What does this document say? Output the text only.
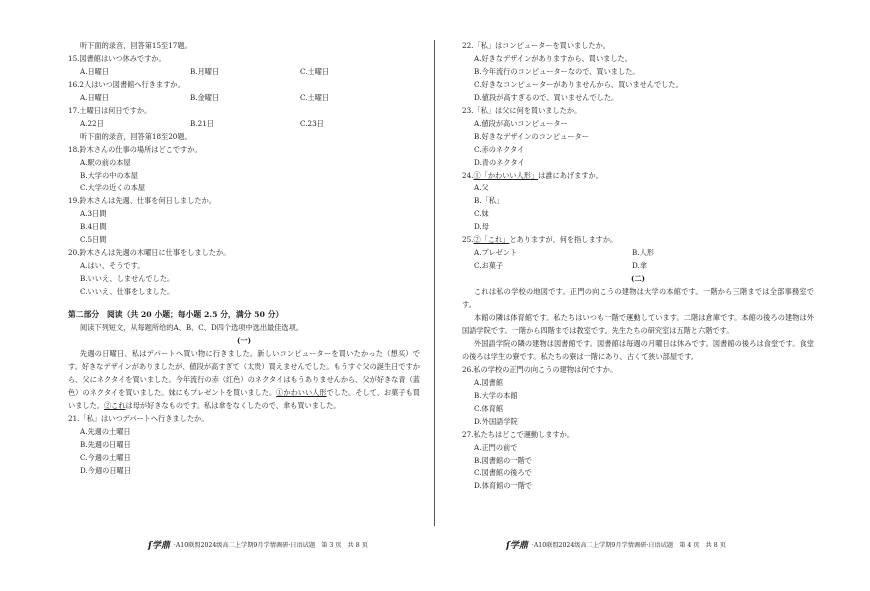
听下面的录音，回答第15至17题。
15.図書館はいつ休みですか。
A.日曜日	B.月曜日	C.土曜日
16.2人はいつ図書館へ行きますか。
A.日曜日	B.金曜日	C.土曜日
17.土曜日は何日ですか。
A.22日	B.21日	C.23日
听下面的录音，回答第18至20题。
18.鈴木さんの仕事の場所はどこですか。
A.駅の前の本屋
B.大学の中の本屋
C.大学の近くの本屋
19.鈴木さんは先週、仕事を何日しましたか。
A.3日間
B.4日間
C.5日間
20.鈴木さんは先週の木曜日に仕事をしましたか。
A.はい、そうです。
B.いいえ、しませんでした。
C.いいえ、仕事をしました。
第二部分　阅读（共 20 小题；每小题 2.5 分，满分 50 分）
阅读下列短文，从每题所给的A、B、C、D四个选项中选出最佳选项。
(一)
先週の日曜日、私はデパートへ買い物に行きました。新しいコンピューターを買いたかった（想买）です。好きなデザインがありましたが、値段が高すぎて（太贵）買えませんでした。もうすぐ父の誕生日ですから、父にネクタイを買いました。今年流行の赤（红色）のネクタイはもうありませんから、父が好きな青（蓝色）のネクタイを買いました。妹にもプレゼントを買いました。①かわいい人形でした。そして、お菓子も買いました。②これは母が好きなものです。私は傘をなくしたので、傘も買いました。
21.「私」はいつデパートへ行きましたか。
A.先週の土曜日
B.先週の日曜日
C.今週の土曜日
D.今週の日曜日
22.「私」はコンピューターを買いましたか。
A.好きなデザインがありますから、買いました。
B.今年流行のコンピューターなので、買いました。
C.好きなコンピューターがありませんから、買いませんでした。
D.値段が高すぎるので、買いませんでした。
23.「私」は父に何を買いましたか。
A.値段が高いコンピューター
B.好きなデザインのコンピューター
C.赤のネクタイ
D.青のネクタイ
24.①「かわいい人形」は誰にあげますか。
A.父
B.「私」
C.妹
D.母
25.②「これ」とありますが、何を指しますか。
A.プレゼント	B.人形
C.お菓子	D.傘
(二)
これは私の学校の地図です。正門の向こうの建物は大学の本館です。一階から三階までは全部事務室です。
本館の隣は体育館です。私たちはいつも一階で運動しています。二階は倉庫です。本館の後ろの建物は外国語学院です。一階から四階までは教室です。先生たちの研究室は五階と六階です。
外国語学院の隣の建物は図書館です。図書館は毎週の月曜日は休みです。図書館の後ろは食堂です。食堂の後ろは学生の寮です。私たちの寮は一階にあり、古くて狭い部屋です。
26.私の学校の正門の向こうの建物は何ですか。
A.図書館
B.大学の本館
C.体育館
D.外国語学院
27.私たちはどこで運動しますか。
A.正門の前で
B.図書館の一階で
C.図書館の後ろで
D.体育館の一階で
ſ学鼎 ·A10联盟2024级高二上学期9月学情调研·日语试题　第 3 页　共 8 页	ſ学鼎 ·A10联盟2024级高二上学期9月学情调研·日语试题　第 4 页　共 8 页
